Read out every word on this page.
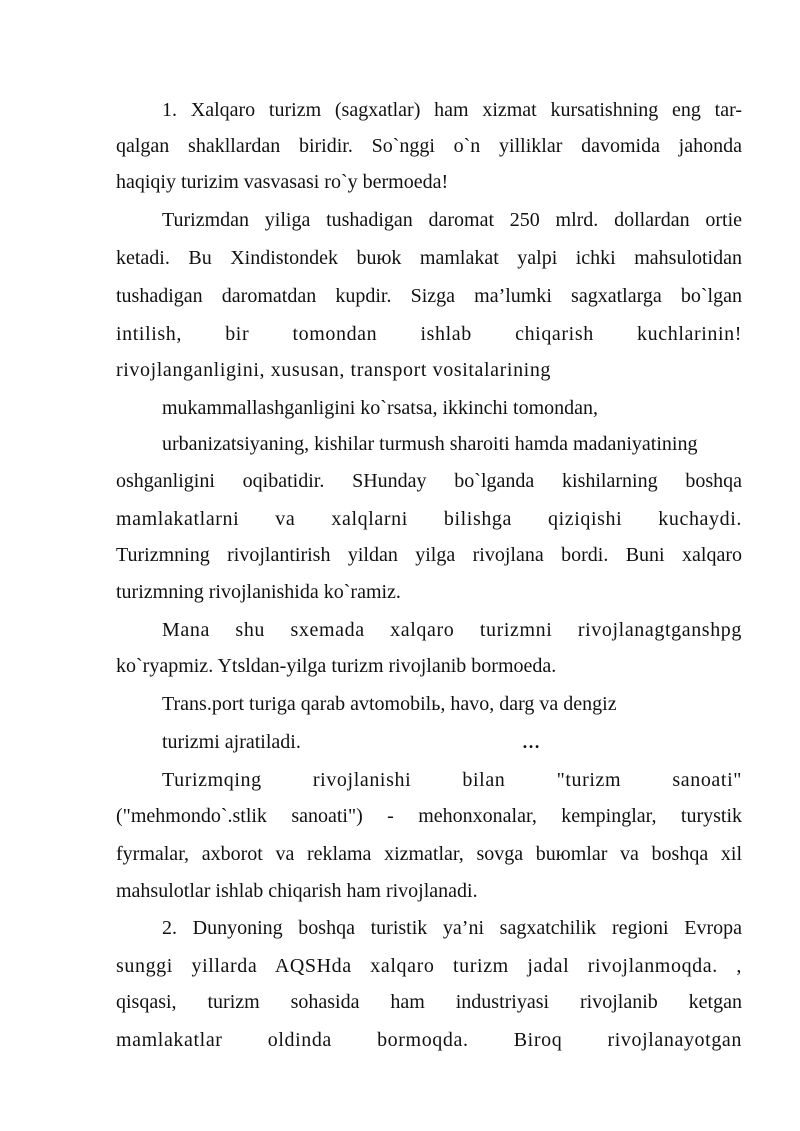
1. Xalqaro turizm (sagxatlar) ham xizmat kursatishning eng tar-
qalgan shakllardan biridir. So`nggi o`n yilliklar davomida jahonda
haqiqiy turizim vasvasasi ro`y bermoeda!
Turizmdan yiliga tushadigan daromat 250 mlrd. dollardan ortie
ketadi. Bu Xindistondek buюk mamlakat yalpi ichki mahsulotidan
tushadigan daromatdan kupdir. Sizga ma’lumki sagxatlarga bo`lgan
intilish, bir tomondan ishlab chiqarish kuchlarinin!
rivojlanganligini, xususan, transport vositalarining
mukammallashganligini ko`rsatsa, ikkinchi tomondan,
urbanizatsiyaning, kishilar turmush sharoiti hamda madaniyatining
oshganligini oqibatidir. SHunday bo`lganda kishilarning boshqa
mamlakatlarni va xalqlarni bilishga qiziqishi kuchaydi.
Turizmning rivojlantirish yildan yilga rivojlana bordi. Buni xalqaro
turizmning rivojlanishida ko`ramiz.
Mana shu sxemada xalqaro turizmni rivojlanagtganshpg
ko`ryapmiz. Ytsldan-yilga turizm rivojlanib bormoeda.
Trans.port turiga qarab avtomobilь, havo, darg va dengiz
turizmi ajratiladi.	…
Turizmqing rivojlanishi bilan "turizm sanoati"
("mehmondo`.stlik sanoati") - mehonxonalar, kempinglar, turystik
fyrmalar, axborot va reklama xizmatlar, sovga buюmlar va boshqa xil
mahsulotlar ishlab chiqarish ham rivojlanadi.
2. Dunyoning boshqa turistik ya’ni sagxatchilik regioni Evropa
sunggi yillarda AQSHda xalqaro turizm jadal rivojlanmoqda. ,
qisqasi, turizm sohasida ham industriyasi rivojlanib ketgan
mamlakatlar oldinda bormoqda. Biroq rivojlanayotgan
